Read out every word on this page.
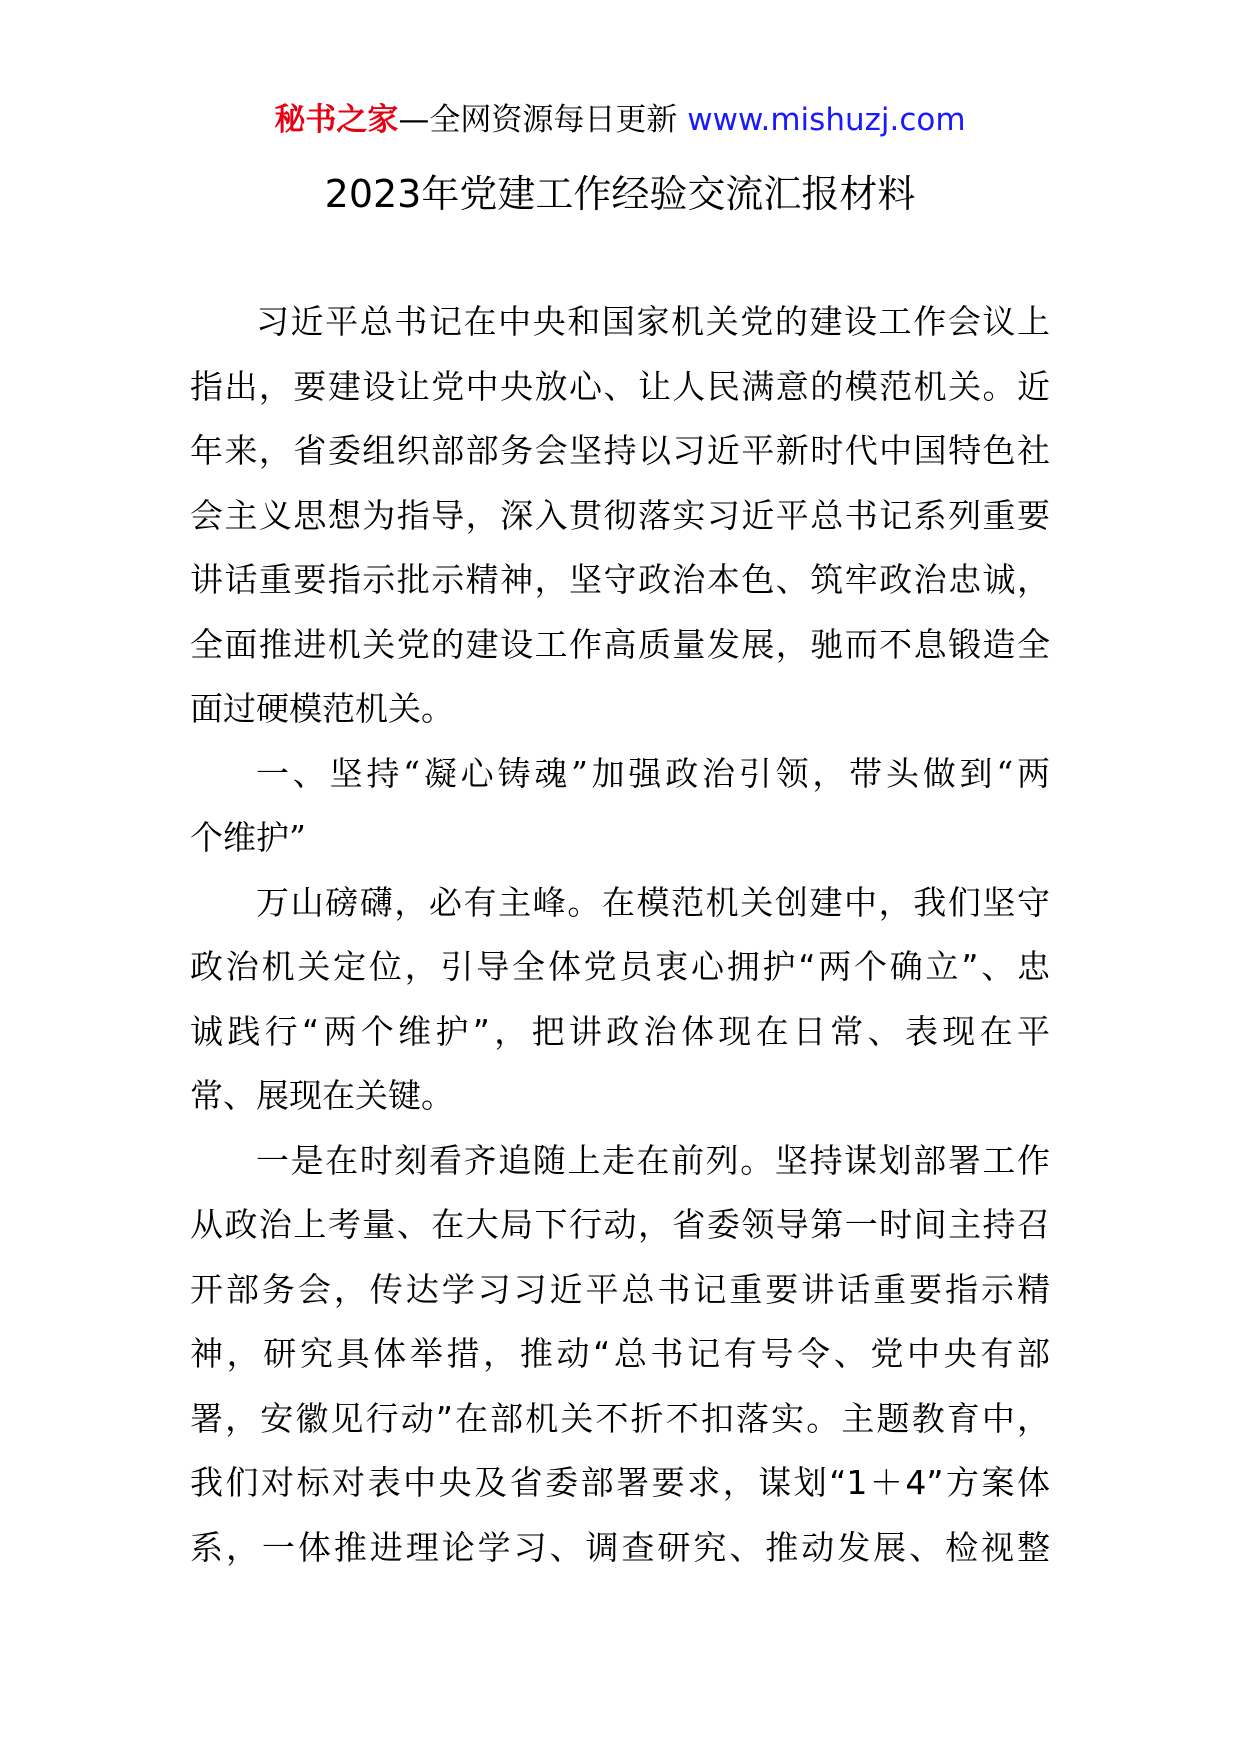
秘书之家—全网资源每日更新 www.mishuzj.com
2023年党建工作经验交流汇报材料
习近平总书记在中央和国家机关党的建设工作会议上
指出，要建设让党中央放心、让人民满意的模范机关。近
年来，省委组织部部务会坚持以习近平新时代中国特色社
会主义思想为指导，深入贯彻落实习近平总书记系列重要
讲话重要指示批示精神，坚守政治本色、筑牢政治忠诚，
全面推进机关党的建设工作高质量发展，驰而不息锻造全
面过硬模范机关。
一、坚持“凝心铸魂”加强政治引领，带头做到“两
个维护”
万山磅礴，必有主峰。在模范机关创建中，我们坚守
政治机关定位，引导全体党员衷心拥护“两个确立”、忠
诚践行“两个维护”，把讲政治体现在日常、表现在平
常、展现在关键。
一是在时刻看齐追随上走在前列。坚持谋划部署工作
从政治上考量、在大局下行动，省委领导第一时间主持召
开部务会，传达学习习近平总书记重要讲话重要指示精
神，研究具体举措，推动“总书记有号令、党中央有部
署，安徽见行动”在部机关不折不扣落实。主题教育中，
我们对标对表中央及省委部署要求，谋划“1＋4”方案体
系，一体推进理论学习、调查研究、推动发展、检视整
